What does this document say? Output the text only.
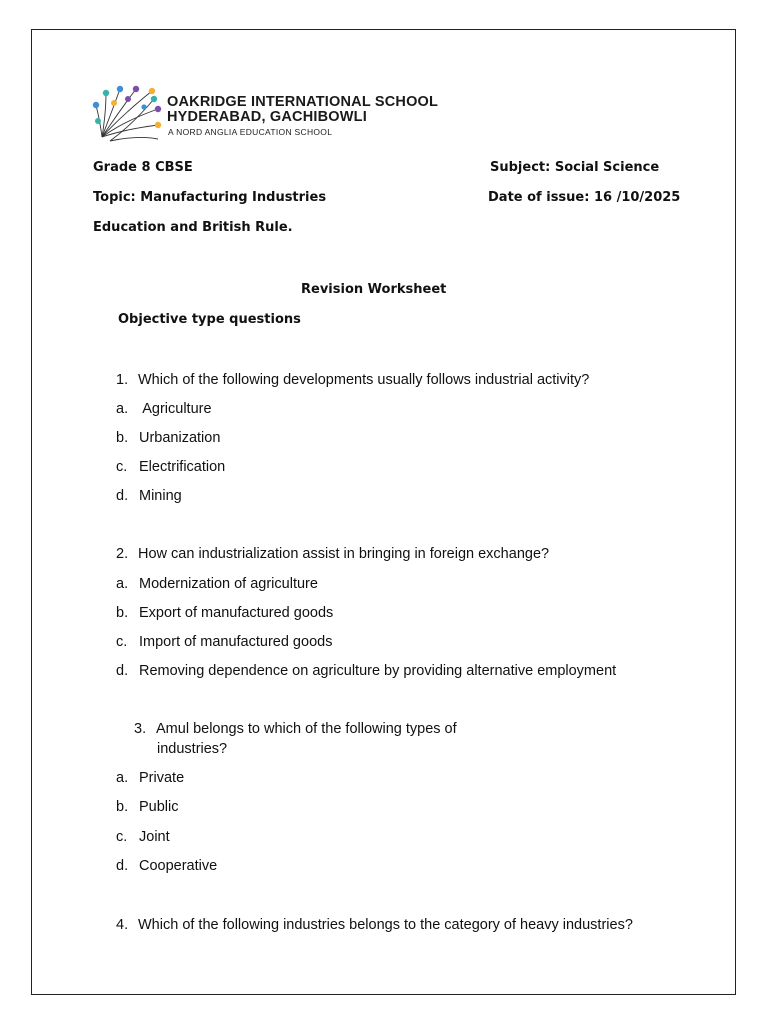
OAKRIDGE INTERNATIONAL SCHOOL
HYDERABAD, GACHIBOWLI
A NORD ANGLIA EDUCATION SCHOOL
Grade 8 CBSE	Subject: Social Science
Topic: Manufacturing Industries	Date of issue: 16 /10/2025
Education and British Rule.
Revision Worksheet
Objective type questions
1. Which of the following developments usually follows industrial activity?
a. Agriculture
b. Urbanization
c. Electrification
d. Mining
2. How can industrialization assist in bringing in foreign exchange?
a. Modernization of agriculture
b. Export of manufactured goods
c. Import of manufactured goods
d. Removing dependence on agriculture by providing alternative employment
3. Amul belongs to which of the following types of
industries?
a. Private
b. Public
c. Joint
d. Cooperative
4. Which of the following industries belongs to the category of heavy industries?
